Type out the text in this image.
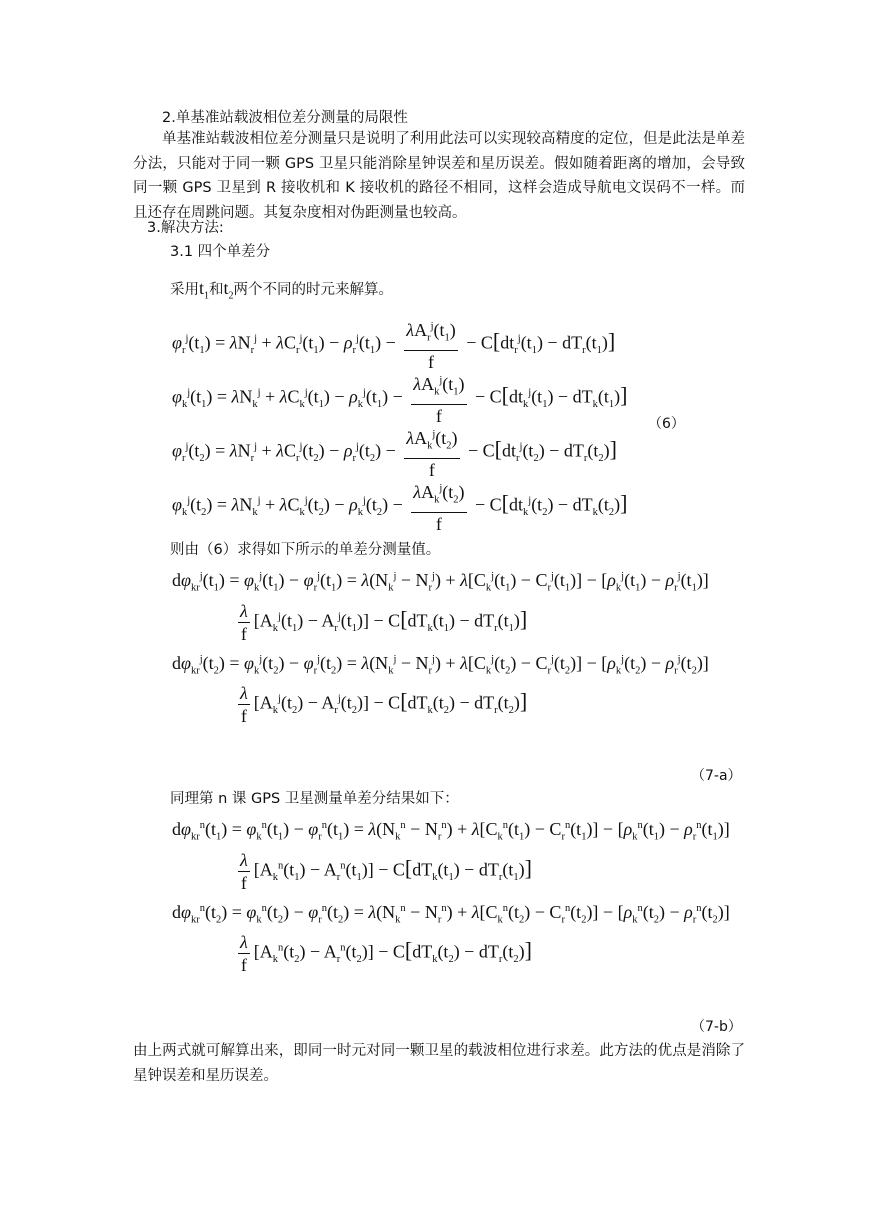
2.单基准站载波相位差分测量的局限性
单基准站载波相位差分测量只是说明了利用此法可以实现较高精度的定位，但是此法是单差分法，只能对于同一颗 GPS 卫星只能消除星钟误差和星历误差。假如随着距离的增加，会导致同一颗 GPS 卫星到 R 接收机和 K 接收机的路径不相同，这样会造成导航电文误码不一样。而且还存在周跳问题。其复杂度相对伪距测量也较高。
3.解决方法:
3.1 四个单差分
采用$t_1$和$t_2$两个不同的时元来解算。
$\varphi_r^j(t_1) = \lambda N_r^j + \lambda C_r^j(t_1) - \rho_r^j(t_1) - \frac{\lambda A_r^j(t_1)}{f} - C[dt_r^j(t_1) - dT_r(t_1)]$
$\varphi_k^j(t_1) = \lambda N_k^j + \lambda C_k^j(t_1) - \rho_k^j(t_1) - \frac{\lambda A_k^j(t_1)}{f} - C[dt_k^j(t_1) - dT_k(t_1)]$
（6）
$\varphi_r^j(t_2) = \lambda N_r^j + \lambda C_r^j(t_2) - \rho_r^j(t_2) - \frac{\lambda A_k^j(t_2)}{f} - C[dt_r^j(t_2) - dT_r(t_2)]$
$\varphi_k^j(t_2) = \lambda N_k^j + \lambda C_k^j(t_2) - \rho_k^j(t_2) - \frac{\lambda A_k^j(t_2)}{f} - C[dt_k^j(t_2) - dT_k(t_2)]$
则由（6）求得如下所示的单差分测量值。
$d\varphi_{kr}^j(t_1) = \varphi_k^j(t_1) - \varphi_r^j(t_1) = \lambda(N_k^j - N_r^j) + \lambda[C_k^j(t_1) - C_r^j(t_1)] - [\rho_k^j(t_1) - \rho_r^j(t_1)]$
$\frac{\lambda}{f} [A_k^j(t_1) - A_r^j(t_1)] - C[dT_k(t_1) - dT_r(t_1)]$
$d\varphi_{kr}^j(t_2) = \varphi_k^j(t_2) - \varphi_r^j(t_2) = \lambda(N_k^j - N_r^j) + \lambda[C_k^j(t_2) - C_r^j(t_2)] - [\rho_k^j(t_2) - \rho_r^j(t_2)]$
$\frac{\lambda}{f} [A_k^j(t_2) - A_r^j(t_2)] - C[dT_k(t_2) - dT_r(t_2)]$
（7-a）
同理第 n 课 GPS 卫星测量单差分结果如下：
$d\varphi_{kr}^n(t_1) = \varphi_k^n(t_1) - \varphi_r^n(t_1) = \lambda(N_k^n - N_r^n) + \lambda[C_k^n(t_1) - C_r^n(t_1)] - [\rho_k^n(t_1) - \rho_r^n(t_1)]$
$\frac{\lambda}{f} [A_k^n(t_1) - A_r^n(t_1)] - C[dT_k(t_1) - dT_r(t_1)]$
$d\varphi_{kr}^n(t_2) = \varphi_k^n(t_2) - \varphi_r^n(t_2) = \lambda(N_k^n - N_r^n) + \lambda[C_k^n(t_2) - C_r^n(t_2)] - [\rho_k^n(t_2) - \rho_r^n(t_2)]$
$\frac{\lambda}{f} [A_k^n(t_2) - A_r^n(t_2)] - C[dT_k(t_2) - dT_r(t_2)]$
（7-b）
由上两式就可解算出来，即同一时元对同一颗卫星的载波相位进行求差。此方法的优点是消除了星钟误差和星历误差。
